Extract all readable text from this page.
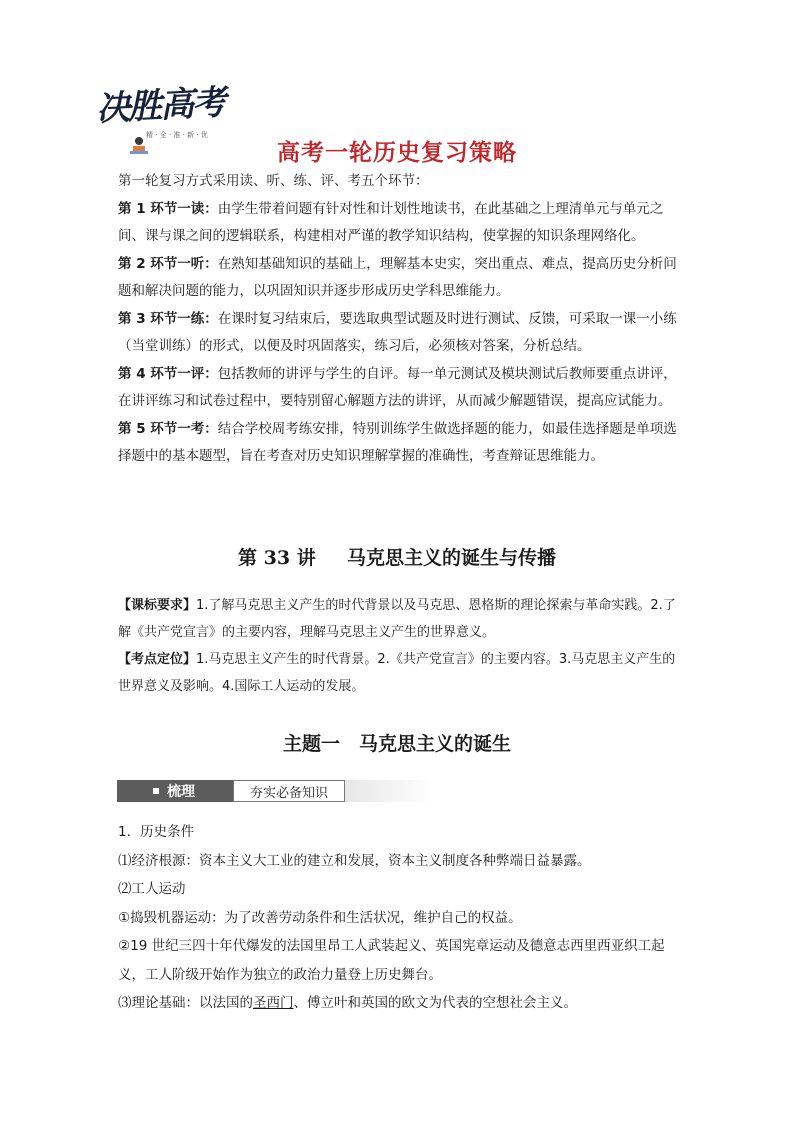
决胜高考
精 · 全 · 准 · 新 · 优
高考一轮历史复习策略

第一轮复习方式采用读、听、练、评、考五个环节：

第 1 环节一读：由学生带着问题有针对性和计划性地读书，在此基础之上理清单元与单元之间、课与课之间的逻辑联系，构建相对严谨的教学知识结构，使掌握的知识条理网络化。

第 2 环节一听：在熟知基础知识的基础上，理解基本史实，突出重点、难点，提高历史分析问题和解决问题的能力，以巩固知识并逐步形成历史学科思维能力。

第 3 环节一练：在课时复习结束后，要选取典型试题及时进行测试、反馈，可采取一课一小练（当堂训练）的形式，以便及时巩固落实，练习后，必须核对答案，分析总结。

第 4 环节一评：包括教师的讲评与学生的自评。每一单元测试及模块测试后教师要重点讲评，在讲评练习和试卷过程中，要特别留心解题方法的讲评，从而减少解题错误，提高应试能力。

第 5 环节一考：结合学校周考练安排，特别训练学生做选择题的能力，如最佳选择题是单项选择题中的基本题型，旨在考查对历史知识理解掌握的准确性，考查辩证思维能力。

第 33 讲 马克思主义的诞生与传播

【课标要求】1.了解马克思主义产生的时代背景以及马克思、恩格斯的理论探索与革命实践。2.了解《共产党宣言》的主要内容，理解马克思主义产生的世界意义。

【考点定位】1.马克思主义产生的时代背景。2.《共产党宣言》的主要内容。3.马克思主义产生的世界意义及影响。4.国际工人运动的发展。

主题一　马克思主义的诞生
梳理	夯实必备知识

1．历史条件

⑴经济根源：资本主义大工业的建立和发展，资本主义制度各种弊端日益暴露。

⑵工人运动

①捣毁机器运动：为了改善劳动条件和生活状况，维护自己的权益。

②19 世纪三四十年代爆发的法国里昂工人武装起义、英国宪章运动及德意志西里西亚织工起义，工人阶级开始作为独立的政治力量登上历史舞台。

⑶理论基础：以法国的圣西门、傅立叶和英国的欧文为代表的空想社会主义。
